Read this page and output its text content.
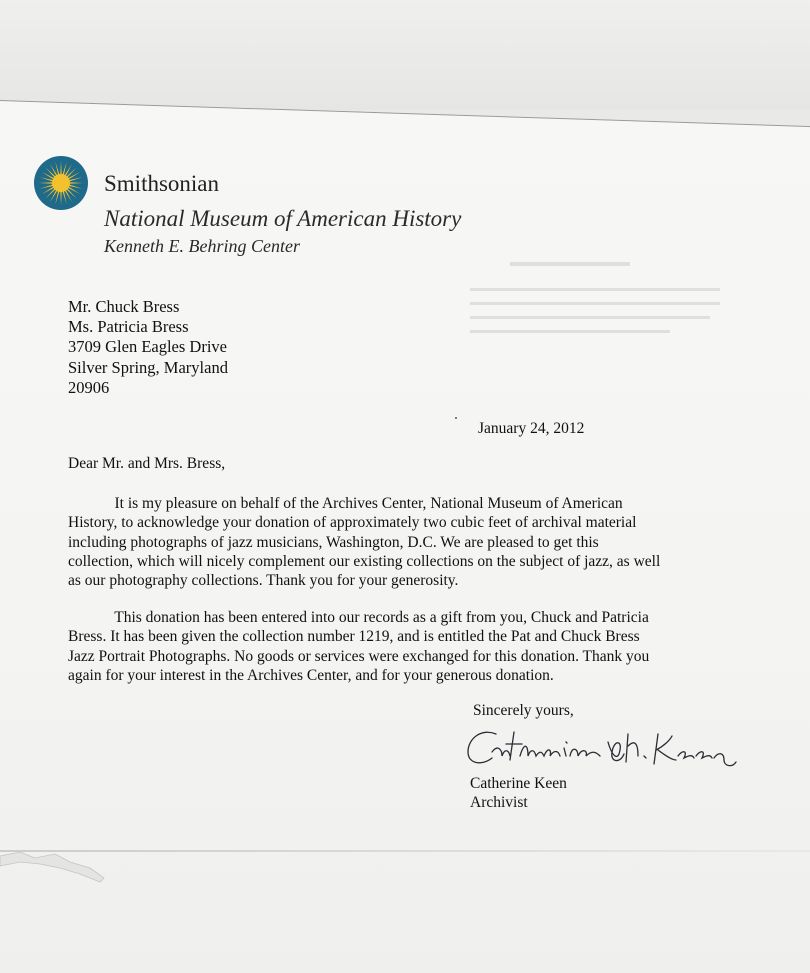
Smithsonian
National Museum of American History
Kenneth E. Behring Center
Mr. Chuck Bress
Ms. Patricia Bress
3709 Glen Eagles Drive
Silver Spring, Maryland
20906
January 24, 2012
Dear Mr. and Mrs. Bress,
It is my pleasure on behalf of the Archives Center, National Museum of American
History, to acknowledge your donation of approximately two cubic feet of archival material
including photographs of jazz musicians, Washington, D.C. We are pleased to get this
collection, which will nicely complement our existing collections on the subject of jazz, as well
as our photography collections. Thank you for your generosity.
This donation has been entered into our records as a gift from you, Chuck and Patricia
Bress. It has been given the collection number 1219, and is entitled the Pat and Chuck Bress
Jazz Portrait Photographs. No goods or services were exchanged for this donation. Thank you
again for your interest in the Archives Center, and for your generous donation.
Sincerely yours,
Catherine Keen
Archivist
